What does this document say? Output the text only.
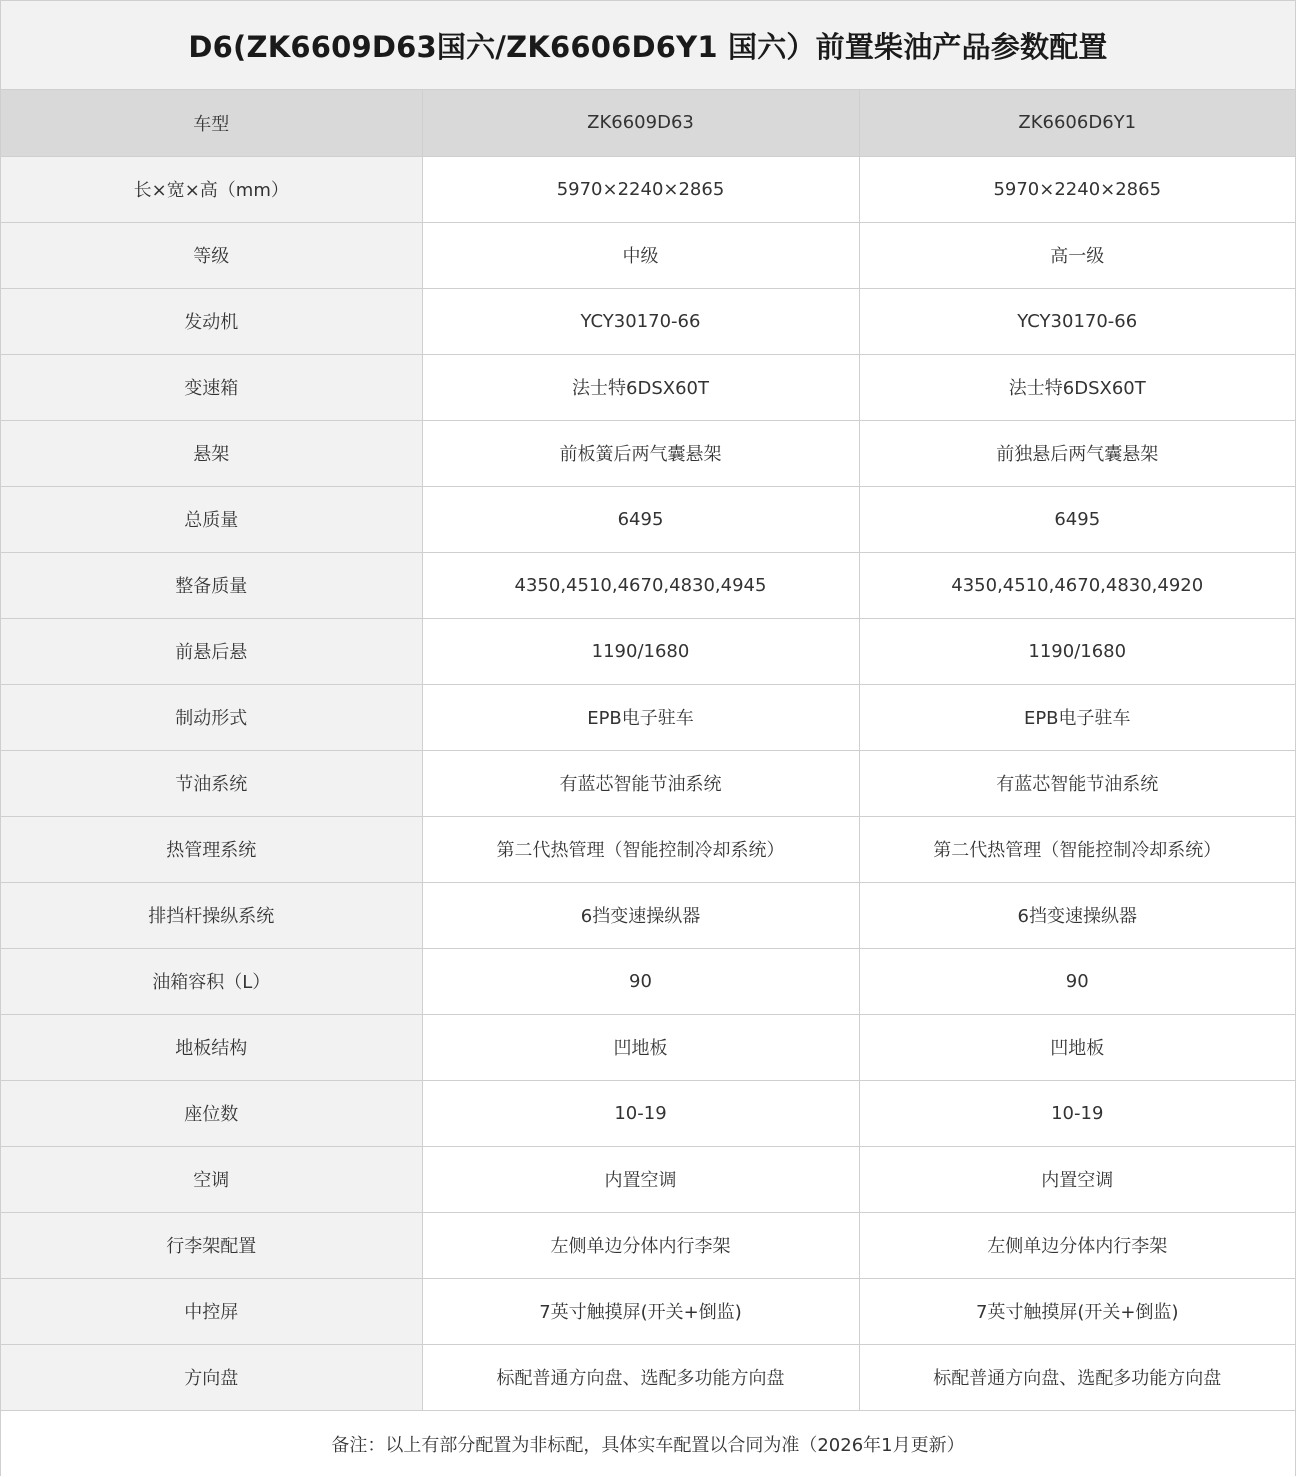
D6(ZK6609D63国六/ZK6606D6Y1 国六）前置柴油产品参数配置
车型	ZK6609D63	ZK6606D6Y1
长×宽×高（mm）	5970×2240×2865	5970×2240×2865
等级	中级	高一级
发动机	YCY30170-66	YCY30170-66
变速箱	法士特6DSX60T	法士特6DSX60T
悬架	前板簧后两气囊悬架	前独悬后两气囊悬架
总质量	6495	6495
整备质量	4350,4510,4670,4830,4945	4350,4510,4670,4830,4920
前悬后悬	1190/1680	1190/1680
制动形式	EPB电子驻车	EPB电子驻车
节油系统	有蓝芯智能节油系统	有蓝芯智能节油系统
热管理系统	第二代热管理（智能控制冷却系统）	第二代热管理（智能控制冷却系统）
排挡杆操纵系统	6挡变速操纵器	6挡变速操纵器
油箱容积（L）	90	90
地板结构	凹地板	凹地板
座位数	10-19	10-19
空调	内置空调	内置空调
行李架配置	左侧单边分体内行李架	左侧单边分体内行李架
中控屏	7英寸触摸屏(开关+倒监)	7英寸触摸屏(开关+倒监)
方向盘	标配普通方向盘、选配多功能方向盘	标配普通方向盘、选配多功能方向盘
备注：以上有部分配置为非标配，具体实车配置以合同为准（2026年1月更新）
